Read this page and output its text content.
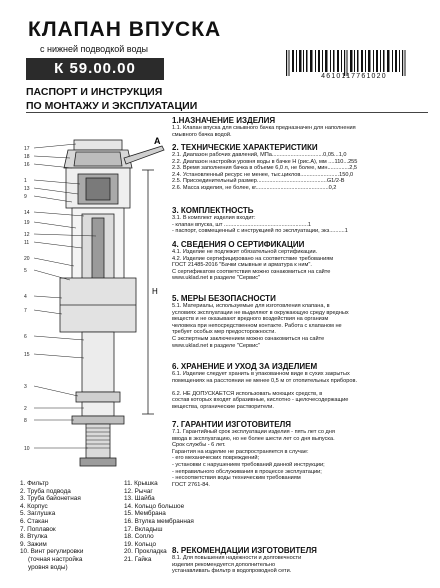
КЛАПАН ВПУСКА
с нижней подводкой воды
К 59.00.00	4610117761020
ПАСПОРТ И ИНСТРУКЦИЯ
ПО МОНТАЖУ И ЭКСПЛУАТАЦИИ
А
H
17
18
16
1
13
9
14
19
12
11
20
5
4
7
6
15
3
2
8
10
1. Фильтр
2. Труба подвода
3. Труба байонетная
4. Корпус
5. Заглушка
6. Стакан
7. Поплавок
8. Втулка
9. Зажим
10. Винт регулировки
(точная настройка
уровня воды)
11. Крышка
12. Рычаг
13. Шайба
14. Кольцо большое
15. Мембрана
16. Втулка мембранная
17. Вкладыш
18. Сопло
19. Кольцо
20. Прокладка
21. Гайка
1.НАЗНАЧЕНИЕ ИЗДЕЛИЯ
1.1. Клапан впуска для смывного бачка предназначен для наполнения
смывного бачка водой.
2. ТЕХНИЧЕСКИЕ ХАРАКТЕРИСТИКИ
2.1. Диапазон рабочих давлений, МПа.................................0,05...1,0
2.2. Диапазон настройки уровня воды в бачке Н (рис.А), мм ....110...255
2.3. Время заполнения бачка в объеме 6,0 л, не более, мин..............2,5
2.4. Установленный ресурс не менее, тыс.циклов.........................150,0
2.5. Присоединительный размер.............................................G1/2-В
2.6. Масса изделия, не более, кг...............................................0,2
3. КОМПЛЕКТНОСТЬ
3.1. В комплект изделия входит:
- клапан впуска, шт ......................................................1
- паспорт, совмещенный с инструкцией по эксплуатации, экз..........1
4. СВЕДЕНИЯ О СЕРТИФИКАЦИИ
4.1. Изделие не подлежит обязательной сертификации.
4.2. Изделие сертифицировано на соответствие требованиям
ГОСТ 21485-2016 "Бачки смывные и арматура к ним".
С сертификатом соответствия можно ознакомиться на сайте
www.uklad.net в разделе "Сервис"
5. МЕРЫ БЕЗОПАСНОСТИ
5.1. Материалы, используемые для изготовления клапана, в
условиях эксплуатации не выделяют в окружающую среду вредных
веществ и не оказывают вредного воздействия на организм
человека при непосредственном контакте. Работа с клапаном не
требует особых мер предосторожности.
С экспертным заключением можно ознакомиться на сайте
www.uklad.net в разделе "Сервис"
6. ХРАНЕНИЕ И УХОД ЗА ИЗДЕЛИЕМ
6.1. Изделие следует хранить в упакованном виде в сухих закрытых
помещениях на расстоянии не менее 0,5 м от отопительных приборов.

6.2. НЕ ДОПУСКАЕТСЯ использовать моющих средств, в
состав которых входят абразивные, кислотно - щелочесодержащие
вещества, органические растворители.
7. ГАРАНТИИ ИЗГОТОВИТЕЛЯ
7.1. Гарантийный срок эксплуатации изделия - пять лет со дня
ввода в эксплуатацию, но не более шести лет со дня выпуска.
Срок службы - 6 лет.
Гарантия на изделие не распространяется в случае:
- его механических повреждений;
- установки с нарушением требований данной инструкции;
- неправильного обслуживания в процессе эксплуатации;
- несоответствия воды техническим требованиям
ГОСТ 2761-84.
8. РЕКОМЕНДАЦИИ ИЗГОТОВИТЕЛЯ
8.1. Для повышения надежности и долговечности
изделия рекомендуется дополнительно
устанавливать фильтр в водопроводной сети.
